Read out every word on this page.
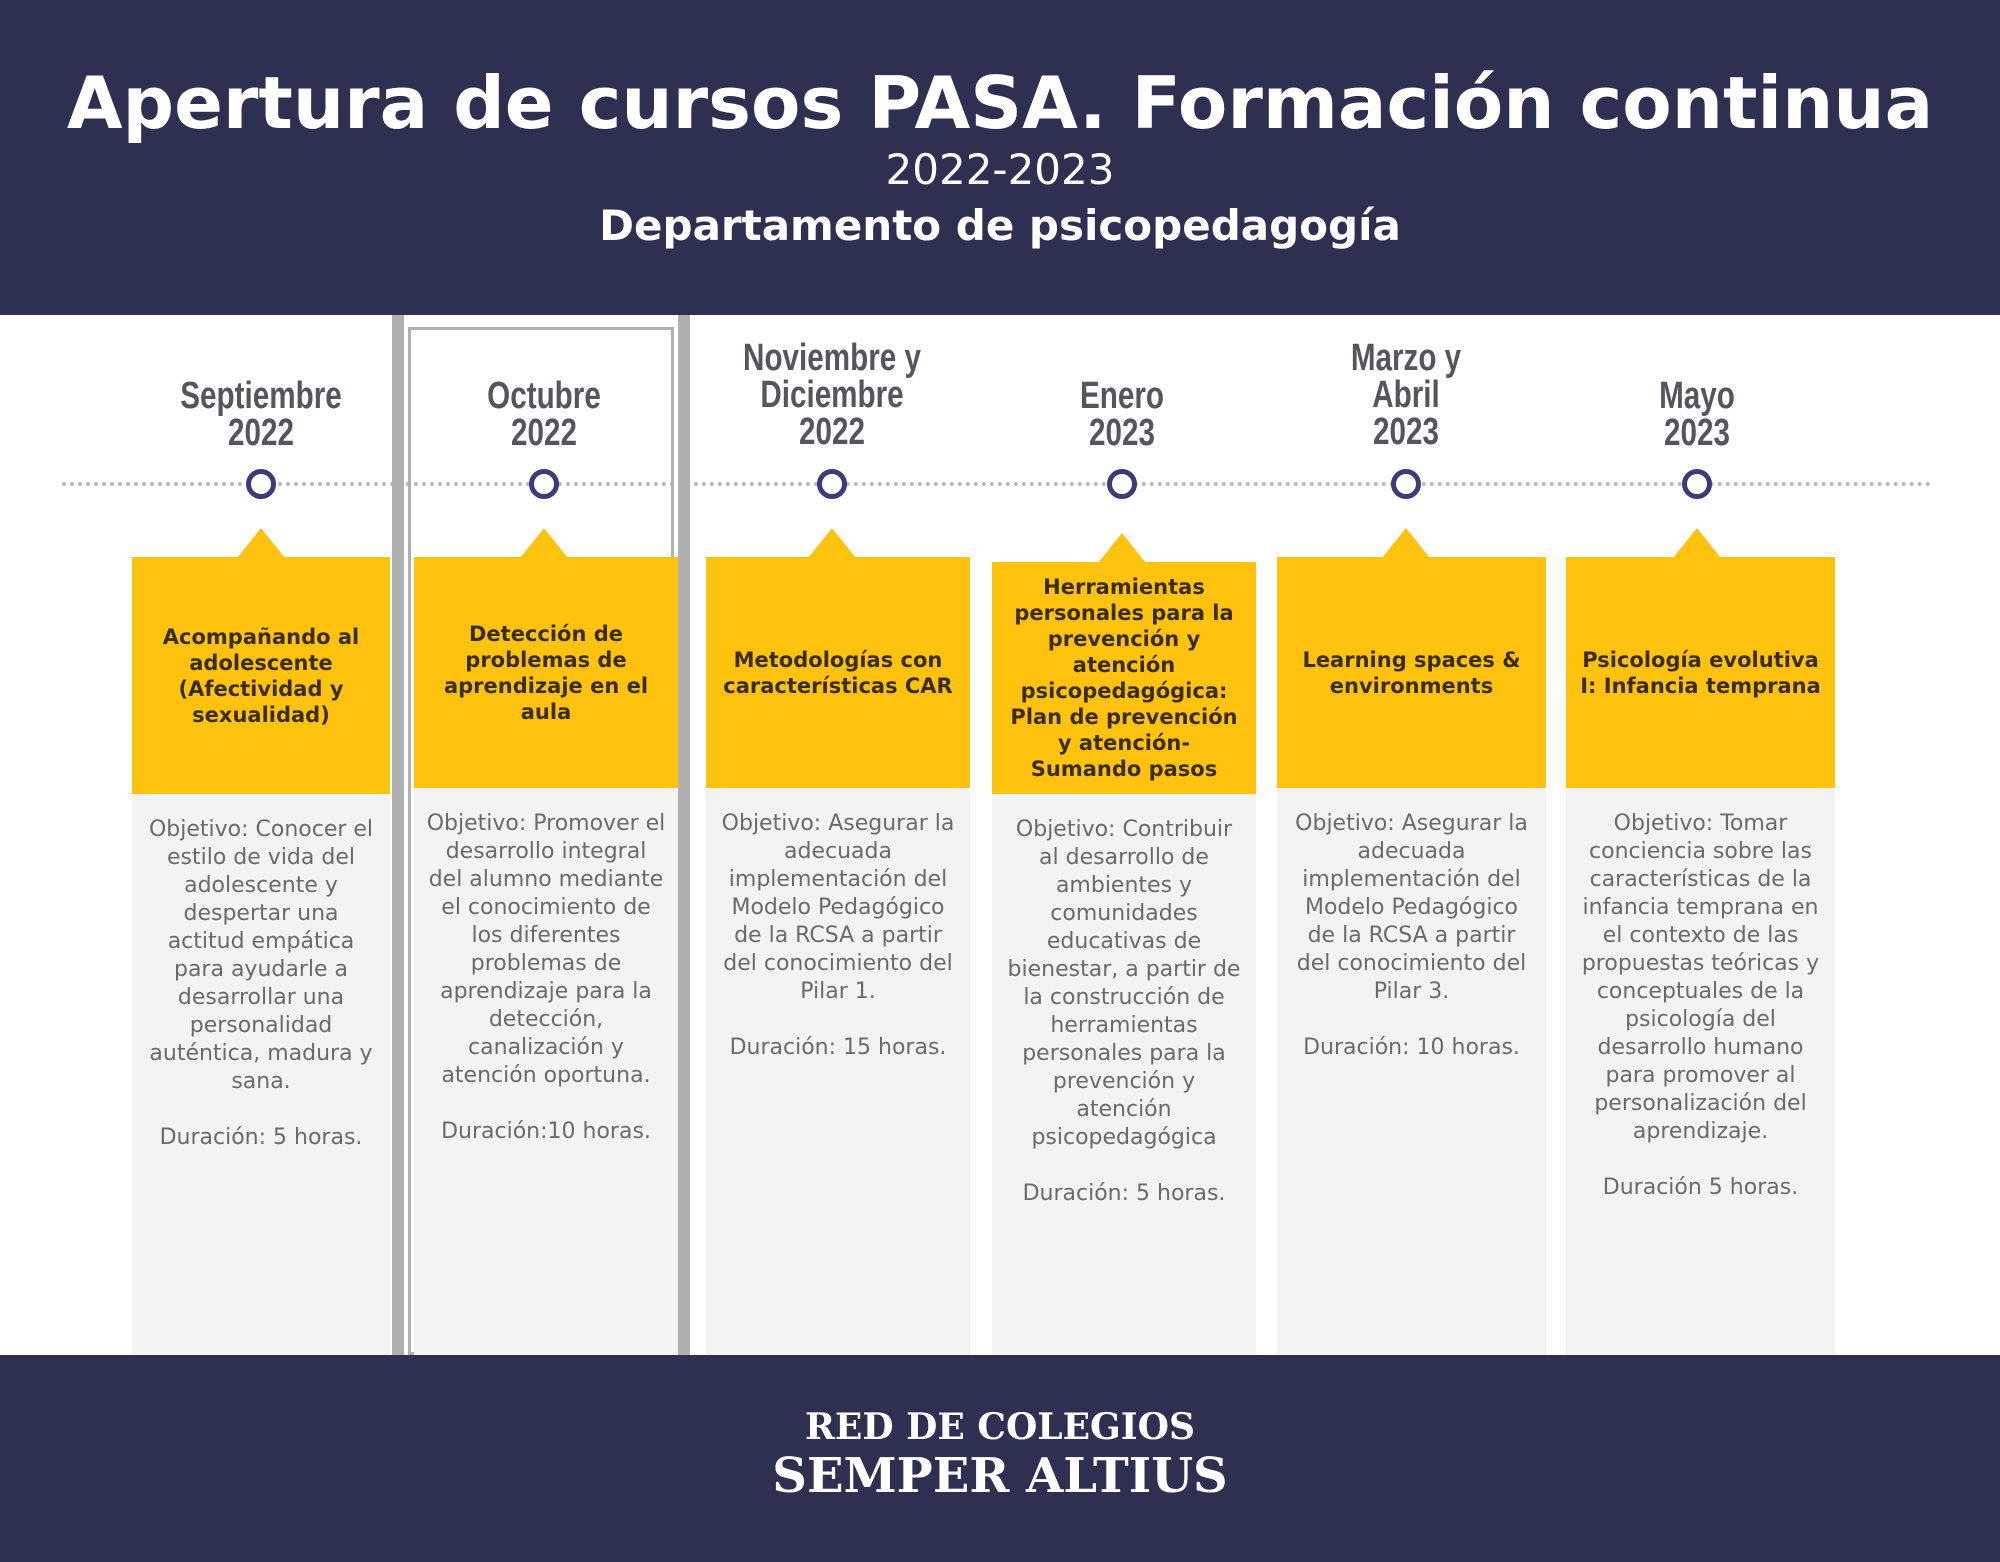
Apertura de cursos PASA. Formación continua
2022-2023
Departamento de psicopedagogía
Septiembre
2022
Acompañando al adolescente (Afectividad y sexualidad)
Objetivo: Conocer el estilo de vida del adolescente y despertar una actitud empática para ayudarle a desarrollar una personalidad auténtica, madura y sana.
Duración: 5 horas.
Octubre
2022
Detección de problemas de aprendizaje en el aula
Objetivo: Promover el desarrollo integral del alumno mediante el conocimiento de los diferentes problemas de aprendizaje para la detección, canalización y atención oportuna.
Duración:10 horas.
Noviembre y
Diciembre
2022
Metodologías con características CAR
Objetivo: Asegurar la adecuada implementación del Modelo Pedagógico de la RCSA a partir del conocimiento del Pilar 1.
Duración: 15 horas.
Enero
2023
Herramientas personales para la prevención y atención psicopedagógica: Plan de prevención y atención- Sumando pasos
Objetivo: Contribuir al desarrollo de ambientes y comunidades educativas de bienestar, a partir de la construcción de herramientas personales para la prevención y atención psicopedagógica
Duración: 5 horas.
Marzo y
Abril
2023
Learning spaces & environments
Objetivo: Asegurar la adecuada implementación del Modelo Pedagógico de la RCSA a partir del conocimiento del Pilar 3.
Duración: 10 horas.
Mayo
2023
Psicología evolutiva I: Infancia temprana
Objetivo: Tomar conciencia sobre las características de la infancia temprana en el contexto de las propuestas teóricas y conceptuales de la psicología del desarrollo humano para promover al personalización del aprendizaje.
Duración 5 horas.
RED DE COLEGIOS
SEMPER ALTIUS
